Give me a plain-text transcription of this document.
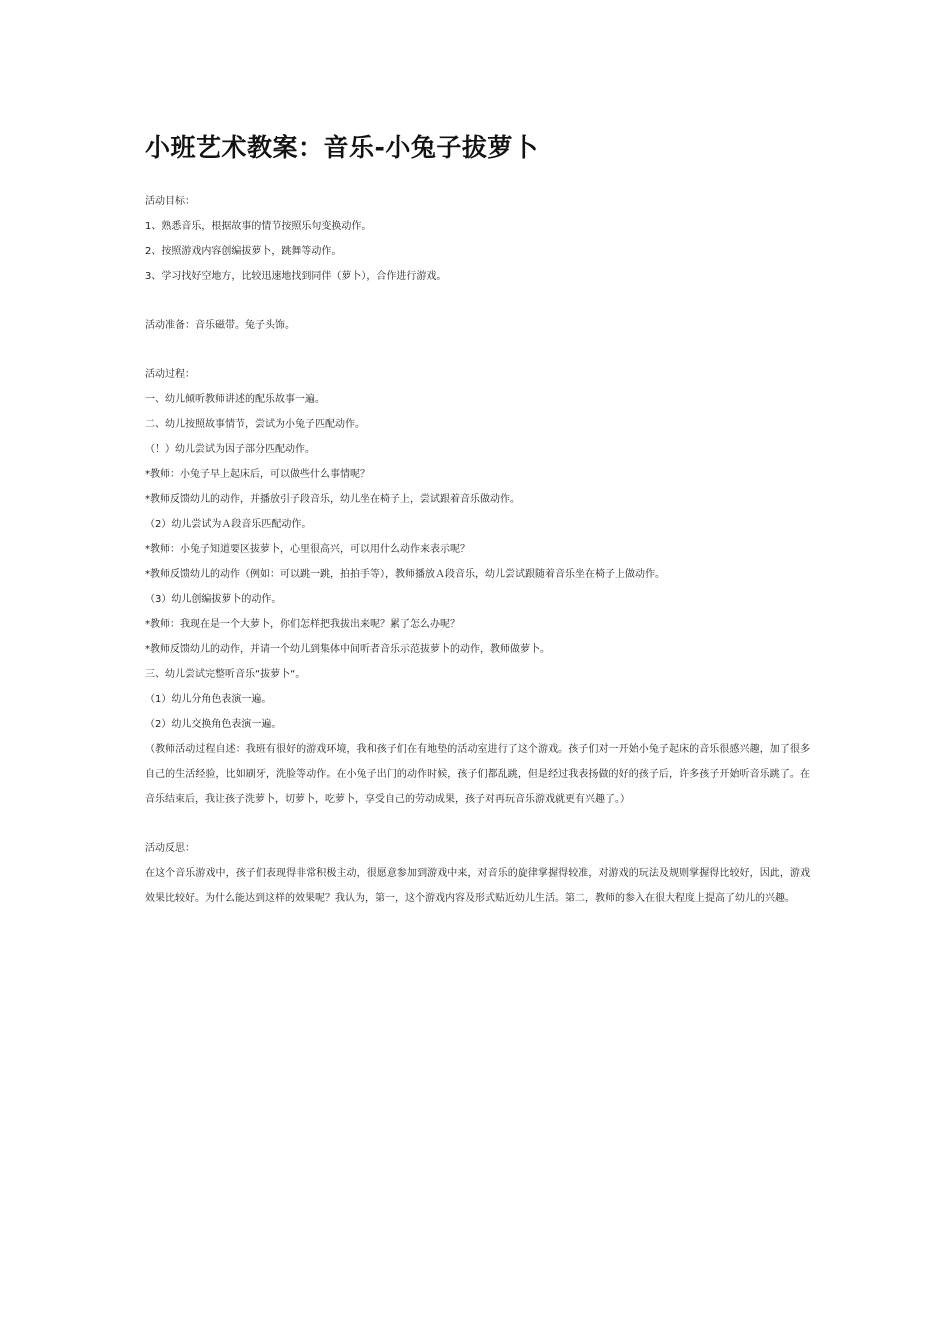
小班艺术教案：音乐-小兔子拔萝卜

活动目标：

1、熟悉音乐，根据故事的情节按照乐句变换动作。

2、按照游戏内容创编拔萝卜，跳舞等动作。

3、学习找好空地方，比较迅速地找到同伴（萝卜），合作进行游戏。

活动准备：音乐磁带。兔子头饰。

活动过程：

一、幼儿倾听教师讲述的配乐故事一遍。

二、幼儿按照故事情节，尝试为小兔子匹配动作。

（！）幼儿尝试为因子部分匹配动作。

*教师：小兔子早上起床后，可以做些什么事情呢？

*教师反馈幼儿的动作，并播放引子段音乐，幼儿坐在椅子上，尝试跟着音乐做动作。

（2）幼儿尝试为Ａ段音乐匹配动作。

*教师：小兔子知道要区拔萝卜，心里很高兴，可以用什么动作来表示呢？

*教师反馈幼儿的动作（例如：可以跳一跳，拍拍手等），教师播放Ａ段音乐，幼儿尝试跟随着音乐坐在椅子上做动作。

（3）幼儿创编拔萝卜的动作。

*教师：我现在是一个大萝卜，你们怎样把我拔出来呢？累了怎么办呢？

*教师反馈幼儿的动作，并请一个幼儿到集体中间听者音乐示范拔萝卜的动作，教师做萝卜。

三、幼儿尝试完整听音乐“拔萝卜“。

（1）幼儿分角色表演一遍。

（2）幼儿交换角色表演一遍。

（教师活动过程自述：我班有很好的游戏环境，我和孩子们在有地垫的活动室进行了这个游戏。孩子们对一开始小兔子起床的音乐很感兴趣，加了很多自己的生活经验，比如刷牙，洗脸等动作。在小兔子出门的动作时候，孩子们都乱跳，但是经过我表扬做的好的孩子后，许多孩子开始听音乐跳了。在音乐结束后，我让孩子洗萝卜，切萝卜，吃萝卜，享受自己的劳动成果，孩子对再玩音乐游戏就更有兴趣了。）

活动反思：

在这个音乐游戏中，孩子们表现得非常积极主动，很愿意参加到游戏中来，对音乐的旋律掌握得较准，对游戏的玩法及规则掌握得比较好，因此，游戏效果比较好。为什么能达到这样的效果呢？我认为，第一，这个游戏内容及形式贴近幼儿生活。第二，教师的参入在很大程度上提高了幼儿的兴趣。
